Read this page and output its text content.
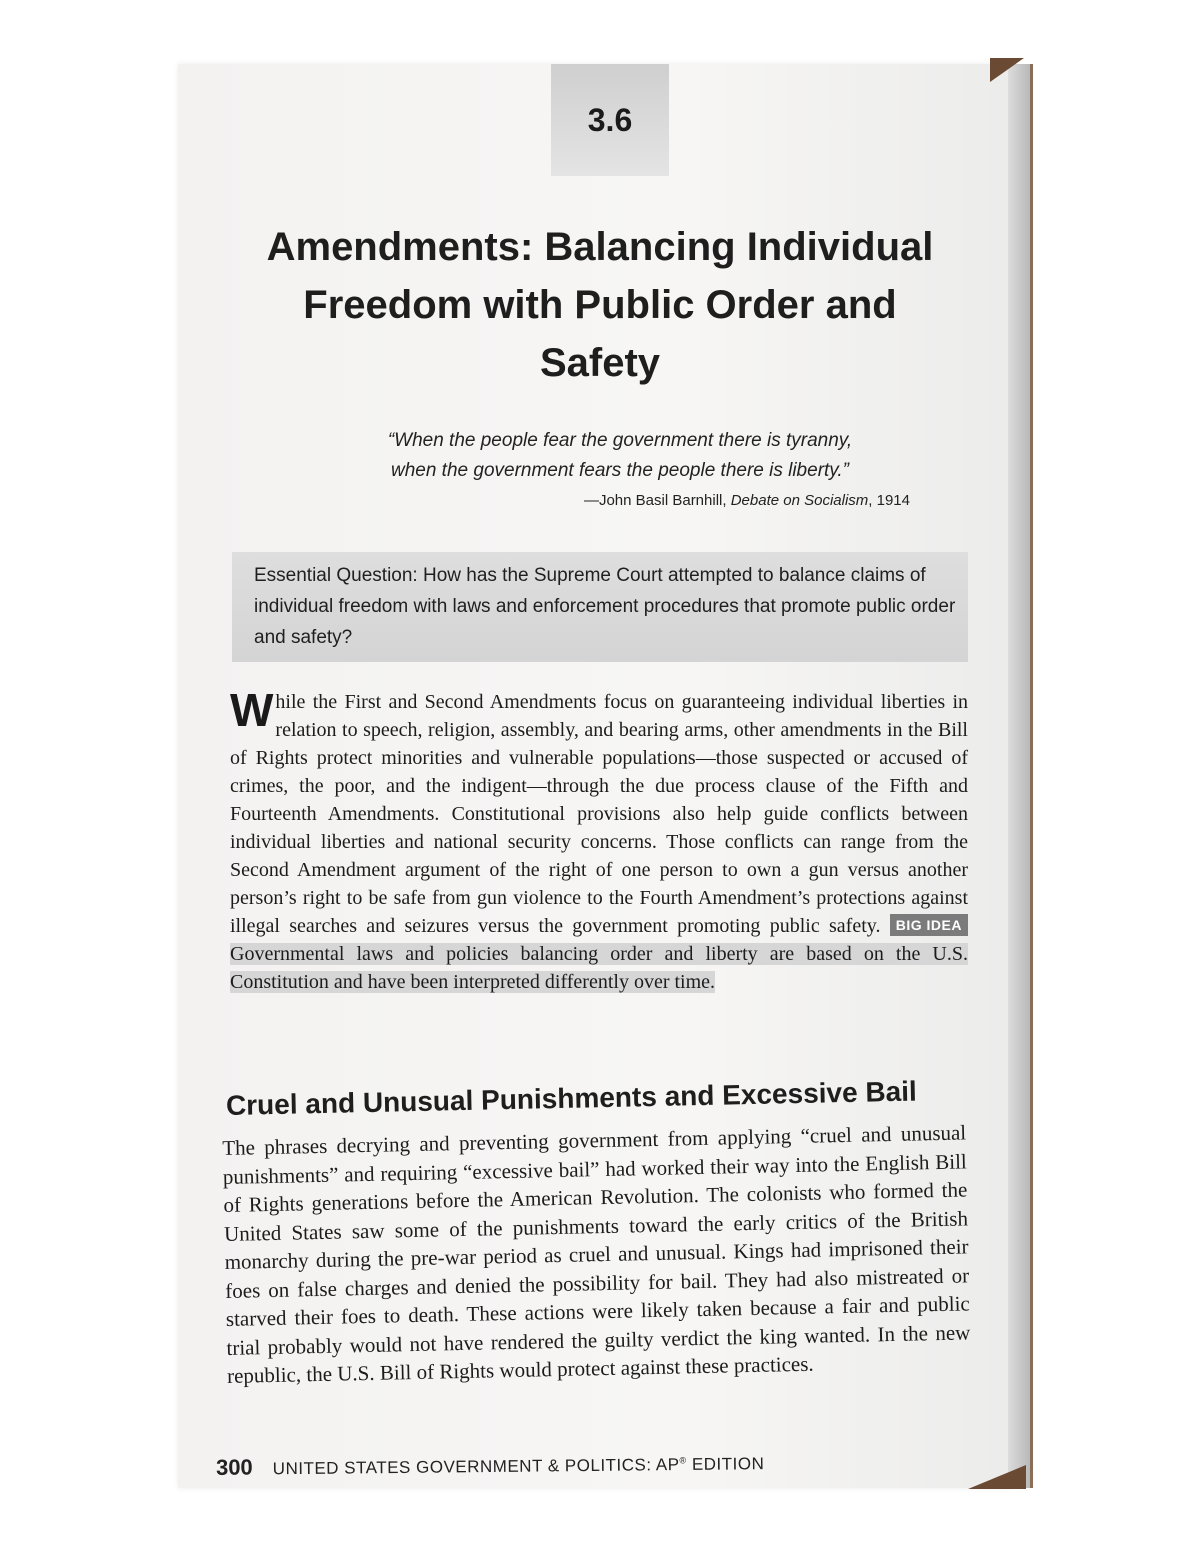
3.6
Amendments: Balancing Individual Freedom with Public Order and Safety
“When the people fear the government there is tyranny,
when the government fears the people there is liberty.”
—John Basil Barnhill, Debate on Socialism, 1914
Essential Question: How has the Supreme Court attempted to balance claims of individual freedom with laws and enforcement procedures that promote public order and safety?

While the First and Second Amendments focus on guaranteeing individual liberties in relation to speech, religion, assembly, and bearing arms, other amendments in the Bill of Rights protect minorities and vulnerable populations—those suspected or accused of crimes, the poor, and the indigent—through the due process clause of the Fifth and Fourteenth Amendments. Constitutional provisions also help guide conflicts between individual liberties and national security concerns. Those conflicts can range from the Second Amendment argument of the right of one person to own a gun versus another person’s right to be safe from gun violence to the Fourth Amendment’s protections against illegal searches and seizures versus the government promoting public safety. BIG IDEA Governmental laws and policies balancing order and liberty are based on the U.S. Constitution and have been interpreted differently over time.

Cruel and Unusual Punishments and Excessive Bail

The phrases decrying and preventing government from applying “cruel and unusual punishments” and requiring “excessive bail” had worked their way into the English Bill of Rights generations before the American Revolution. The colonists who formed the United States saw some of the punishments toward the early critics of the British monarchy during the pre-war period as cruel and unusual. Kings had imprisoned their foes on false charges and denied the possibility for bail. They had also mistreated or starved their foes to death. These actions were likely taken because a fair and public trial probably would not have rendered the guilty verdict the king wanted. In the new republic, the U.S. Bill of Rights would protect against these practices.

300 UNITED STATES GOVERNMENT & POLITICS: AP® EDITION
